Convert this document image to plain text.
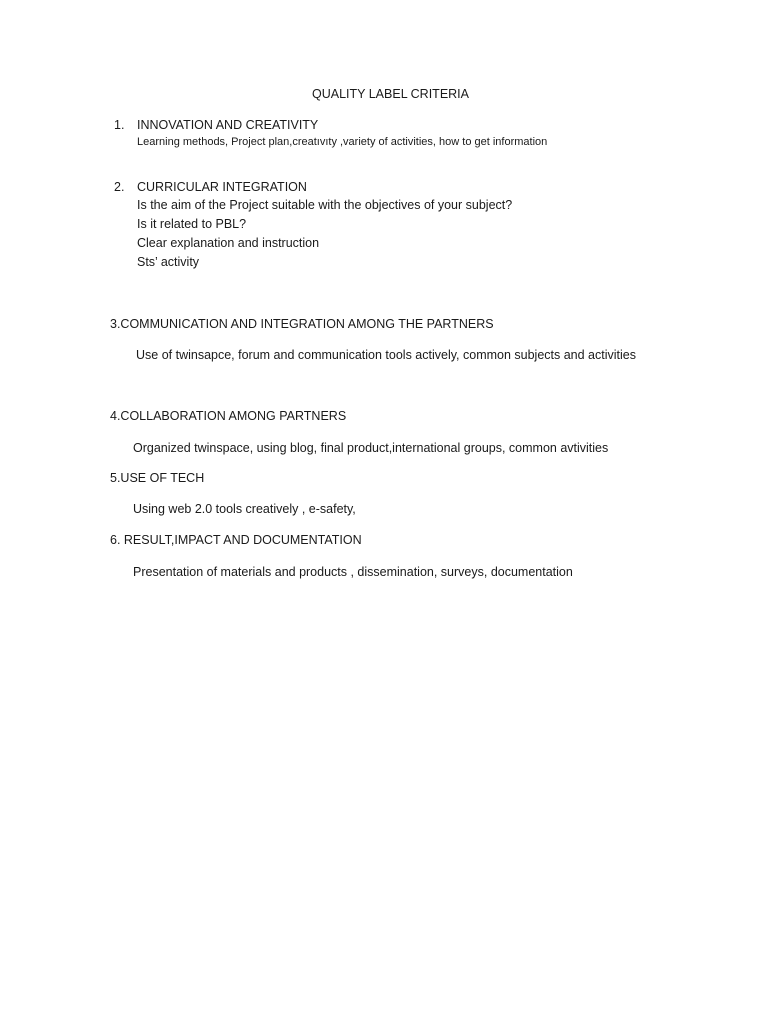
QUALITY LABEL CRITERIA
1. INNOVATION AND CREATIVITY
Learning methods, Project plan,creatıvıty ,variety of activities, how to get information
2. CURRICULAR INTEGRATION
Is the aim of the Project suitable with the objectives of your subject?
Is it related to PBL?
Clear explanation and instruction
Sts’ activity
3.COMMUNICATION AND INTEGRATION AMONG THE PARTNERS
Use of twinsapce, forum and communication tools actively, common subjects and activities
4.COLLABORATION AMONG PARTNERS
Organized twinspace, using blog, final product,international groups, common avtivities
5.USE OF TECH
Using web 2.0 tools creatively , e-safety,
6. RESULT,IMPACT AND DOCUMENTATION
Presentation of materials and products , dissemination, surveys, documentation
